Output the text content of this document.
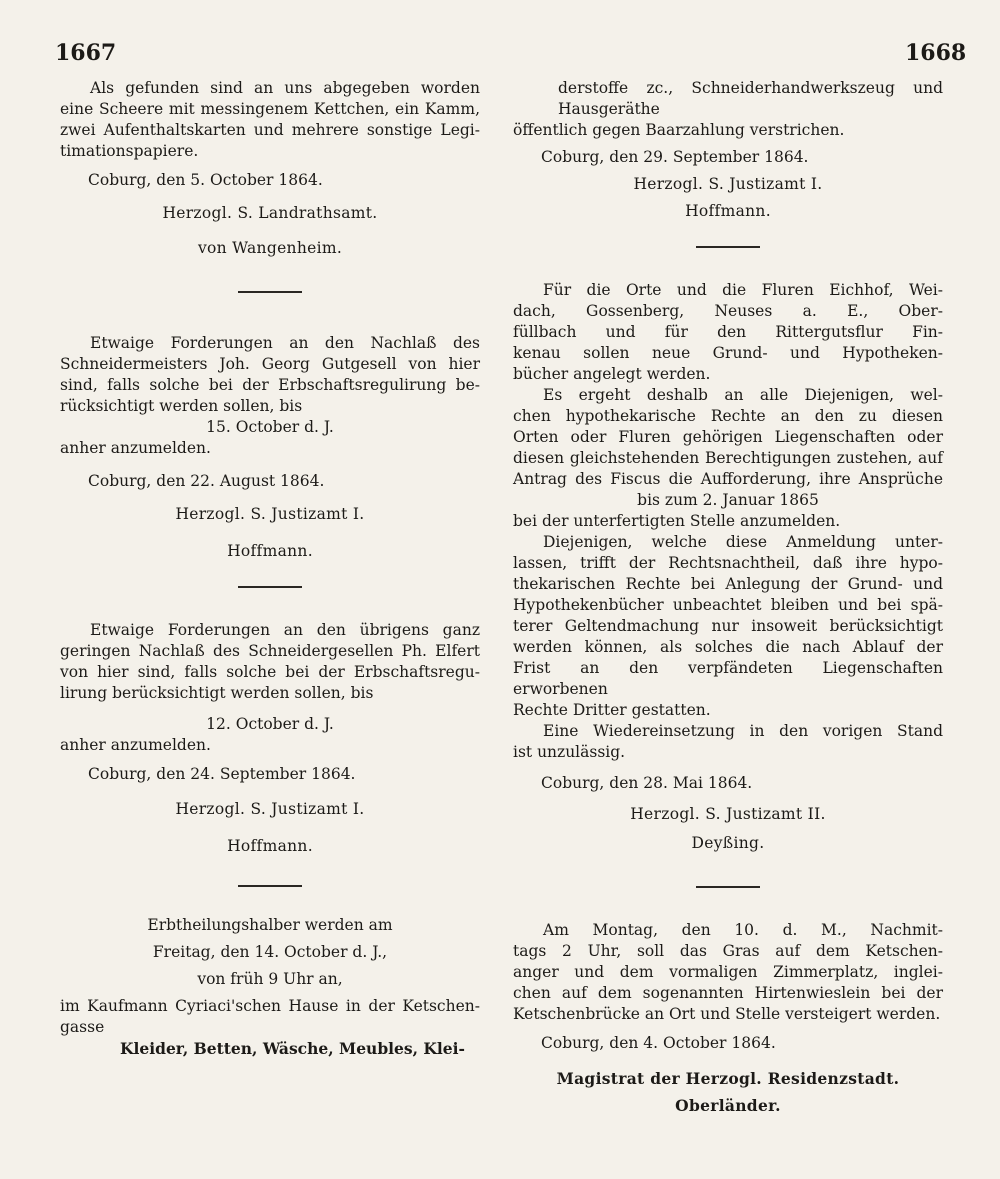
1667	1668

Als gefunden sind an uns abgegeben worden

eine Scheere mit messingenem Kettchen, ein Kamm,

zwei Aufenthaltskarten und mehrere sonstige Legi-

timationspapiere.

Coburg, den 5. October 1864.

Herzogl. S. Landrathsamt.

von Wangenheim.

Etwaige Forderungen an den Nachlaß des

Schneidermeisters Joh. Georg Gutgesell von hier

sind, falls solche bei der Erbschaftsregulirung be-

rücksichtigt werden sollen, bis

15. October d. J.

anher anzumelden.

Coburg, den 22. August 1864.

Herzogl. S. Justizamt I.

Hoffmann.

Etwaige Forderungen an den übrigens ganz

geringen Nachlaß des Schneidergesellen Ph. Elfert

von hier sind, falls solche bei der Erbschaftsregu-

lirung berücksichtigt werden sollen, bis

12. October d. J.

anher anzumelden.

Coburg, den 24. September 1864.

Herzogl. S. Justizamt I.

Hoffmann.

Erbtheilungshalber werden am

Freitag, den 14. October d. J.,

von früh 9 Uhr an,

im Kaufmann Cyriaci'schen Hause in der Ketschen-

gasse

Kleider, Betten, Wäsche, Meubles, Klei-

derstoffe zc., Schneiderhandwerkszeug und

Hausgeräthe

öffentlich gegen Baarzahlung verstrichen.

Coburg, den 29. September 1864.

Herzogl. S. Justizamt I.

Hoffmann.

Für die Orte und die Fluren Eichhof, Wei-

dach, Gossenberg, Neuses a. E., Ober-

füllbach und für den Rittergutsflur Fin-

kenau sollen neue Grund- und Hypotheken-

bücher angelegt werden.

Es ergeht deshalb an alle Diejenigen, wel-

chen hypothekarische Rechte an den zu diesen

Orten oder Fluren gehörigen Liegenschaften oder

diesen gleichstehenden Berechtigungen zustehen, auf

Antrag des Fiscus die Aufforderung, ihre Ansprüche

bis zum 2. Januar 1865

bei der unterfertigten Stelle anzumelden.

Diejenigen, welche diese Anmeldung unter-

lassen, trifft der Rechtsnachtheil, daß ihre hypo-

thekarischen Rechte bei Anlegung der Grund- und

Hypothekenbücher unbeachtet bleiben und bei spä-

terer Geltendmachung nur insoweit berücksichtigt

werden können, als solches die nach Ablauf der

Frist an den verpfändeten Liegenschaften erworbenen

Rechte Dritter gestatten.

Eine Wiedereinsetzung in den vorigen Stand

ist unzulässig.

Coburg, den 28. Mai 1864.

Herzogl. S. Justizamt II.

Deyßing.

Am Montag, den 10. d. M., Nachmit-

tags 2 Uhr, soll das Gras auf dem Ketschen-

anger und dem vormaligen Zimmerplatz, inglei-

chen auf dem sogenannten Hirtenwieslein bei der

Ketschenbrücke an Ort und Stelle versteigert werden.

Coburg, den 4. October 1864.

Magistrat der Herzogl. Residenzstadt.

Oberländer.
